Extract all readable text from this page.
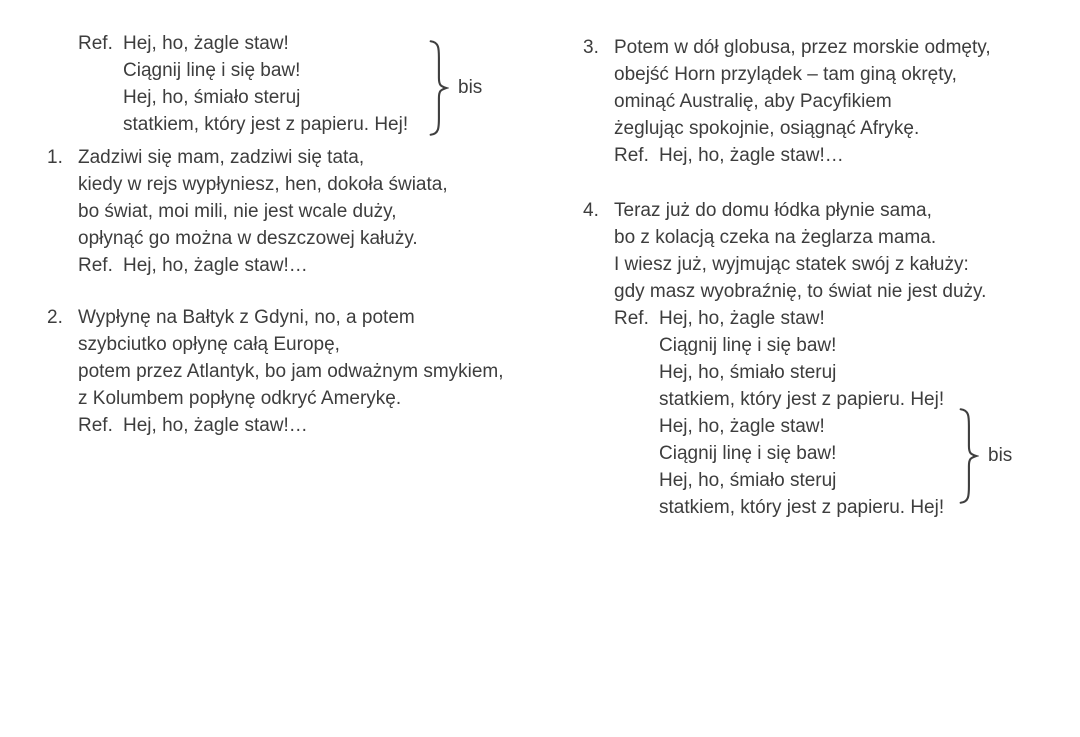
Ref. Hej, ho, żagle staw!
Ciągnij linę i się baw!
Hej, ho, śmiało steruj
statkiem, który jest z papieru. Hej!
bis
1. Zadziwi się mam, zadziwi się tata,
kiedy w rejs wypłyniesz, hen, dokoła świata,
bo świat, moi mili, nie jest wcale duży,
opłynąć go można w deszczowej kałuży.
Ref. Hej, ho, żagle staw!…
2. Wypłynę na Bałtyk z Gdyni, no, a potem
szybciutko opłynę całą Europę,
potem przez Atlantyk, bo jam odważnym smykiem,
z Kolumbem popłynę odkryć Amerykę.
Ref. Hej, ho, żagle staw!…
3. Potem w dół globusa, przez morskie odmęty,
obejść Horn przylądek – tam giną okręty,
ominąć Australię, aby Pacyfikiem
żeglując spokojnie, osiągnąć Afrykę.
Ref. Hej, ho, żagle staw!…
4. Teraz już do domu łódka płynie sama,
bo z kolacją czeka na żeglarza mama.
I wiesz już, wyjmując statek swój z kałuży:
gdy masz wyobraźnię, to świat nie jest duży.
Ref. Hej, ho, żagle staw!
Ciągnij linę i się baw!
Hej, ho, śmiało steruj
statkiem, który jest z papieru. Hej!
Hej, ho, żagle staw!
Ciągnij linę i się baw!
Hej, ho, śmiało steruj
statkiem, który jest z papieru. Hej!
bis
